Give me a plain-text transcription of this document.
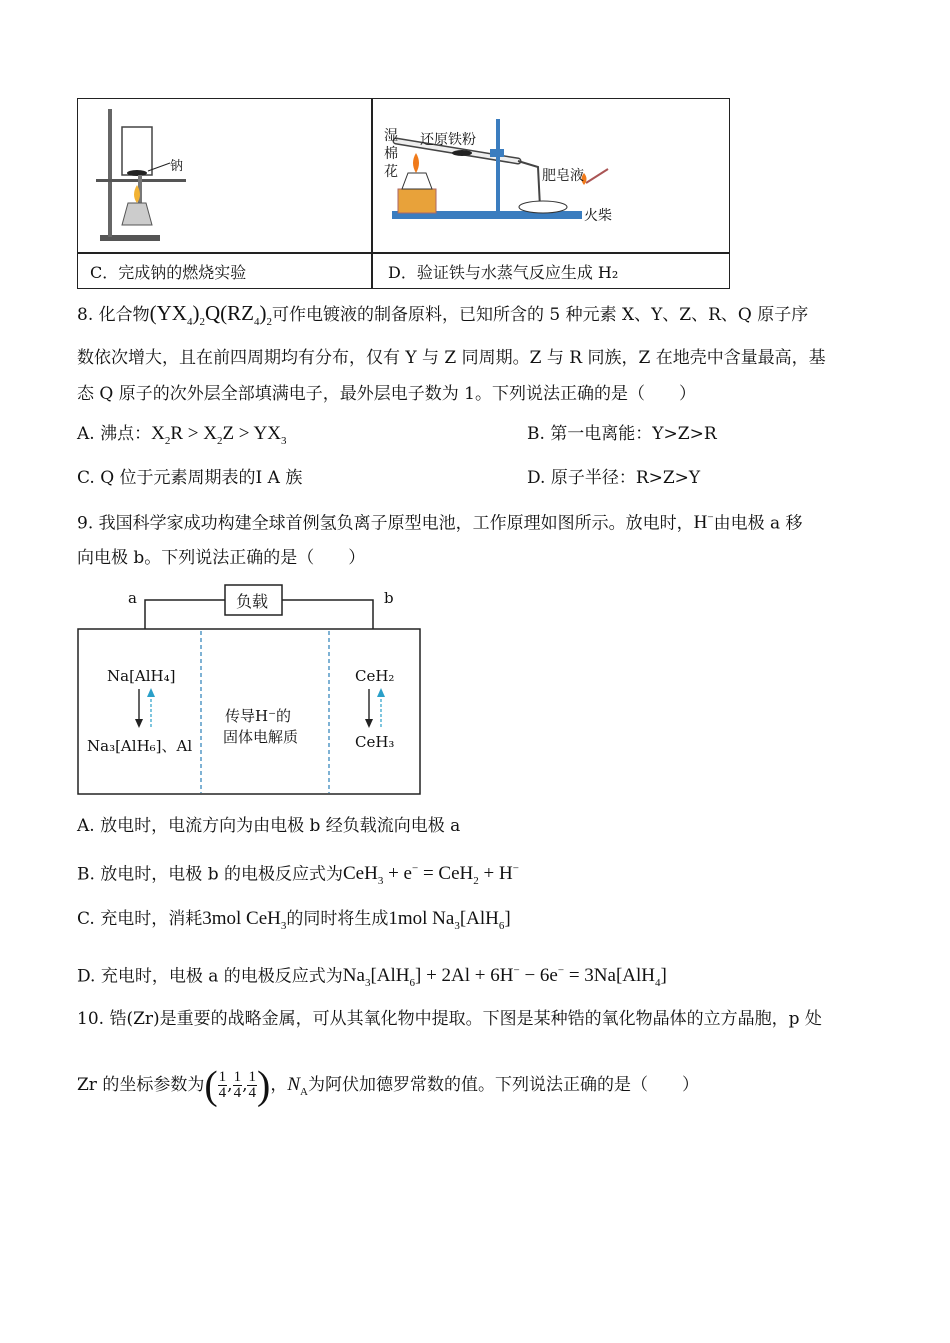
钠
C．完成钠的燃烧实验
湿
棉
花
还原铁粉
肥皂液
火柴
D．验证铁与水蒸气反应生成 H₂
8. 化合物$(YX_4)_2Q(RZ_4)_2$可作电镀液的制备原料，已知所含的 5 种元素 X、Y、Z、R、Q 原子序
数依次增大，且在前四周期均有分布，仅有 Y 与 Z 同周期。Z 与 R 同族，Z 在地壳中含量最高，基
态 Q 原子的次外层全部填满电子，最外层电子数为 1。下列说法正确的是（　　）
A. 沸点：$X_2R > X_2Z > YX_3$	B. 第一电离能：Y>Z>R
C. Q 位于元素周期表的Ⅰ A 族	D. 原子半径：R>Z>Y
9. 我国科学家成功构建全球首例氢负离子原型电池，工作原理如图所示。放电时，H−由电极 a 移
向电极 b。下列说法正确的是（　　）
a	b
负载
Na[AlH₄]
Na₃[AlH₆]、Al
传导H⁻的
固体电解质
CeH₂
CeH₃
A. 放电时，电流方向为由电极 b 经负载流向电极 a
B. 放电时，电极 b 的电极反应式为CeH$_3$ + e− = CeH$_2$ + H−
C. 充电时，消耗3mol CeH$_3$的同时将生成1mol $Na_3[AlH_6]$
D. 充电时，电极 a 的电极反应式为$Na_3[AlH_6] + 2Al + 6H^- - 6e^- = 3Na[AlH_4]$
10. 锆(Zr)是重要的战略金属，可从其氧化物中提取。下图是某种锆的氧化物晶体的立方晶胞，p 处
Zr 的坐标参数为( $\frac{1}{4}$ , $\frac{1}{4}$ , $\frac{1}{4}$ )，$N_A$为阿伏加德罗常数的值。下列说法正确的是（　　）
